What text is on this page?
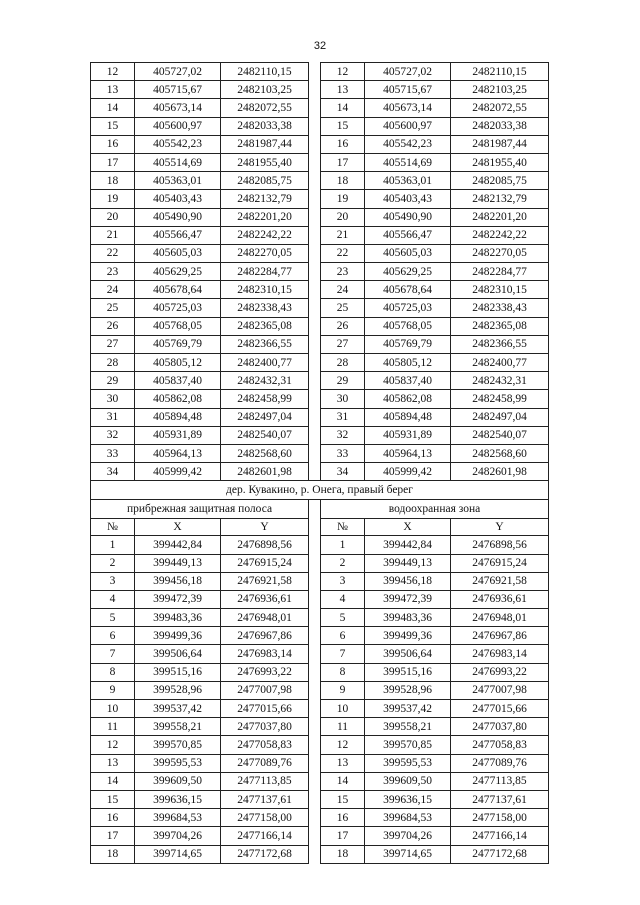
32
12	405727,02	2482110,15		12	405727,02	2482110,15
13	405715,67	2482103,25		13	405715,67	2482103,25
14	405673,14	2482072,55		14	405673,14	2482072,55
15	405600,97	2482033,38		15	405600,97	2482033,38
16	405542,23	2481987,44		16	405542,23	2481987,44
17	405514,69	2481955,40		17	405514,69	2481955,40
18	405363,01	2482085,75		18	405363,01	2482085,75
19	405403,43	2482132,79		19	405403,43	2482132,79
20	405490,90	2482201,20		20	405490,90	2482201,20
21	405566,47	2482242,22		21	405566,47	2482242,22
22	405605,03	2482270,05		22	405605,03	2482270,05
23	405629,25	2482284,77		23	405629,25	2482284,77
24	405678,64	2482310,15		24	405678,64	2482310,15
25	405725,03	2482338,43		25	405725,03	2482338,43
26	405768,05	2482365,08		26	405768,05	2482365,08
27	405769,79	2482366,55		27	405769,79	2482366,55
28	405805,12	2482400,77		28	405805,12	2482400,77
29	405837,40	2482432,31		29	405837,40	2482432,31
30	405862,08	2482458,99		30	405862,08	2482458,99
31	405894,48	2482497,04		31	405894,48	2482497,04
32	405931,89	2482540,07		32	405931,89	2482540,07
33	405964,13	2482568,60		33	405964,13	2482568,60
34	405999,42	2482601,98		34	405999,42	2482601,98
дер. Кувакино, р. Онега, правый берег						
прибрежная защитная полоса				водоохранная зона		
№	X	Y		№	X	Y
1	399442,84	2476898,56		1	399442,84	2476898,56
2	399449,13	2476915,24		2	399449,13	2476915,24
3	399456,18	2476921,58		3	399456,18	2476921,58
4	399472,39	2476936,61		4	399472,39	2476936,61
5	399483,36	2476948,01		5	399483,36	2476948,01
6	399499,36	2476967,86		6	399499,36	2476967,86
7	399506,64	2476983,14		7	399506,64	2476983,14
8	399515,16	2476993,22		8	399515,16	2476993,22
9	399528,96	2477007,98		9	399528,96	2477007,98
10	399537,42	2477015,66		10	399537,42	2477015,66
11	399558,21	2477037,80		11	399558,21	2477037,80
12	399570,85	2477058,83		12	399570,85	2477058,83
13	399595,53	2477089,76		13	399595,53	2477089,76
14	399609,50	2477113,85		14	399609,50	2477113,85
15	399636,15	2477137,61		15	399636,15	2477137,61
16	399684,53	2477158,00		16	399684,53	2477158,00
17	399704,26	2477166,14		17	399704,26	2477166,14
18	399714,65	2477172,68		18	399714,65	2477172,68
